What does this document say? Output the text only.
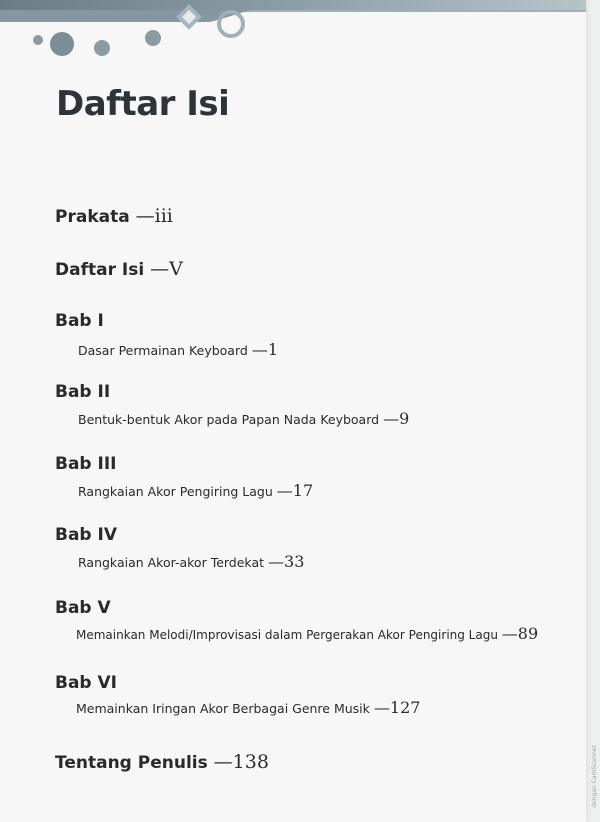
Daftar Isi
Prakata —iii
Daftar Isi —V
Bab I
Dasar Permainan Keyboard —1
Bab II
Bentuk-bentuk Akor pada Papan Nada Keyboard —9
Bab III
Rangkaian Akor Pengiring Lagu —17
Bab IV
Rangkaian Akor-akor Terdekat —33
Bab V
Memainkan Melodi/Improvisasi dalam Pergerakan Akor Pengiring Lagu —89
Bab VI
Memainkan Iringan Akor Berbagai Genre Musik —127
Tentang Penulis —138	dengan CamScanner
